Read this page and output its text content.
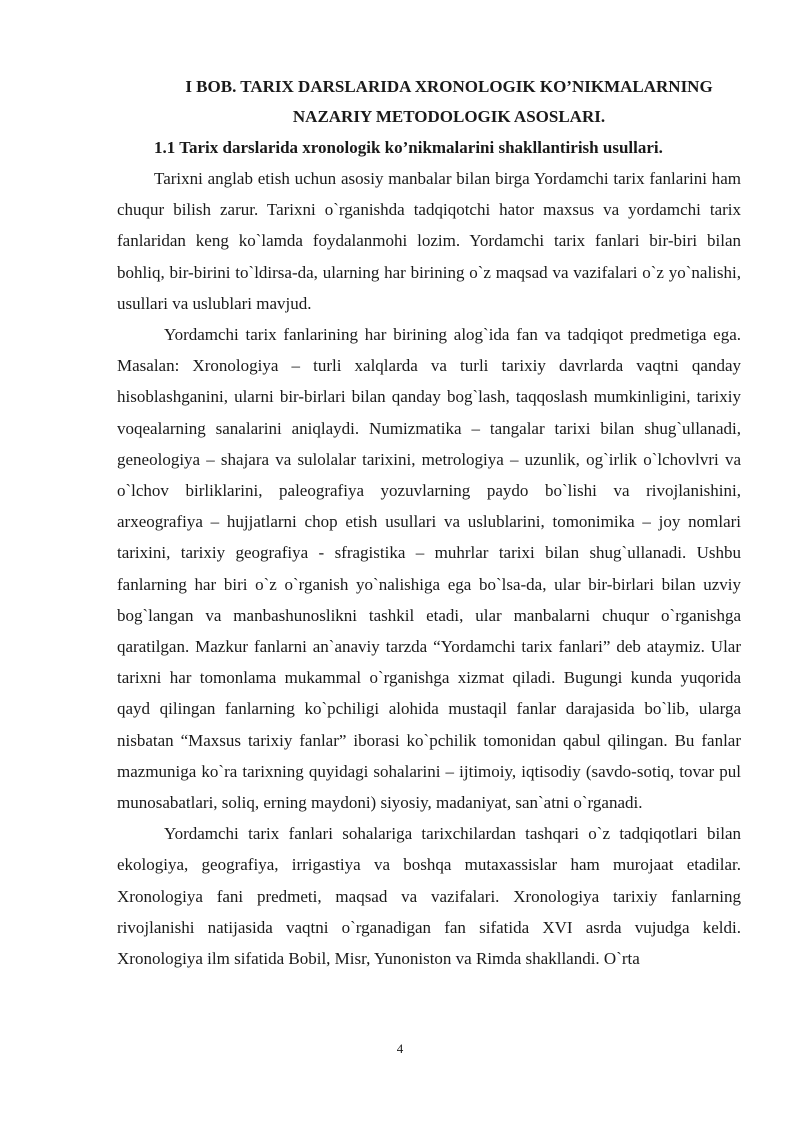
I BOB. TARIX DARSLARIDA XRONOLOGIK KO’NIKMALARNING

NAZARIY METODOLOGIK ASOSLARI.

1.1 Tarix darslarida xronologik ko’nikmalarini shakllantirish usullari.

Tarixni anglab etish uchun asosiy manbalar bilan birga Yordamchi tarix fanlarini ham chuqur bilish zarur. Tarixni o`rganishda tadqiqotchi hator maxsus va yordamchi tarix fanlaridan keng ko`lamda foydalanmohi lozim. Yordamchi tarix fanlari bir-biri bilan bohliq, bir-birini to`ldirsa-da, ularning har birining o`z maqsad va vazifalari o`z yo`nalishi, usullari va uslublari mavjud.

Yordamchi tarix fanlarining har birining alog`ida fan va tadqiqot predmetiga ega. Masalan: Xronologiya – turli xalqlarda va turli tarixiy davrlarda vaqtni qanday hisoblashganini, ularni bir-birlari bilan qanday bog`lash, taqqoslash mumkinligini, tarixiy voqealarning sanalarini aniqlaydi. Numizmatika – tangalar tarixi bilan shug`ullanadi, geneologiya – shajara va sulolalar tarixini, metrologiya – uzunlik, og`irlik o`lchovlvri va o`lchov birliklarini, paleografiya yozuvlarning paydo bo`lishi va rivojlanishini, arxeografiya – hujjatlarni chop etish usullari va uslublarini, tomonimika – joy nomlari tarixini, tarixiy geografiya - sfragistika – muhrlar tarixi bilan shug`ullanadi. Ushbu fanlarning har biri o`z o`rganish yo`nalishiga ega bo`lsa-da, ular bir-birlari bilan uzviy bog`langan va manbashunoslikni tashkil etadi, ular manbalarni chuqur o`rganishga qaratilgan. Mazkur fanlarni an`anaviy tarzda “Yordamchi tarix fanlari” deb ataymiz. Ular tarixni har tomonlama mukammal o`rganishga xizmat qiladi. Bugungi kunda yuqorida qayd qilingan fanlarning ko`pchiligi alohida mustaqil fanlar darajasida bo`lib, ularga nisbatan “Maxsus tarixiy fanlar” iborasi ko`pchilik tomonidan qabul qilingan. Bu fanlar mazmuniga ko`ra tarixning quyidagi sohalarini – ijtimoiy, iqtisodiy (savdo-sotiq, tovar pul munosabatlari, soliq, erning maydoni) siyosiy, madaniyat, san`atni o`rganadi.

Yordamchi tarix fanlari sohalariga tarixchilardan tashqari o`z tadqiqotlari bilan ekologiya, geografiya, irrigastiya va boshqa mutaxassislar ham murojaat etadilar. Xronologiya fani predmeti, maqsad va vazifalari. Xronologiya tarixiy fanlarning rivojlanishi natijasida vaqtni o`rganadigan fan sifatida XVI asrda vujudga keldi. Xronologiya ilm sifatida Bobil, Misr, Yunoniston va Rimda shakllandi. O`rta

4
